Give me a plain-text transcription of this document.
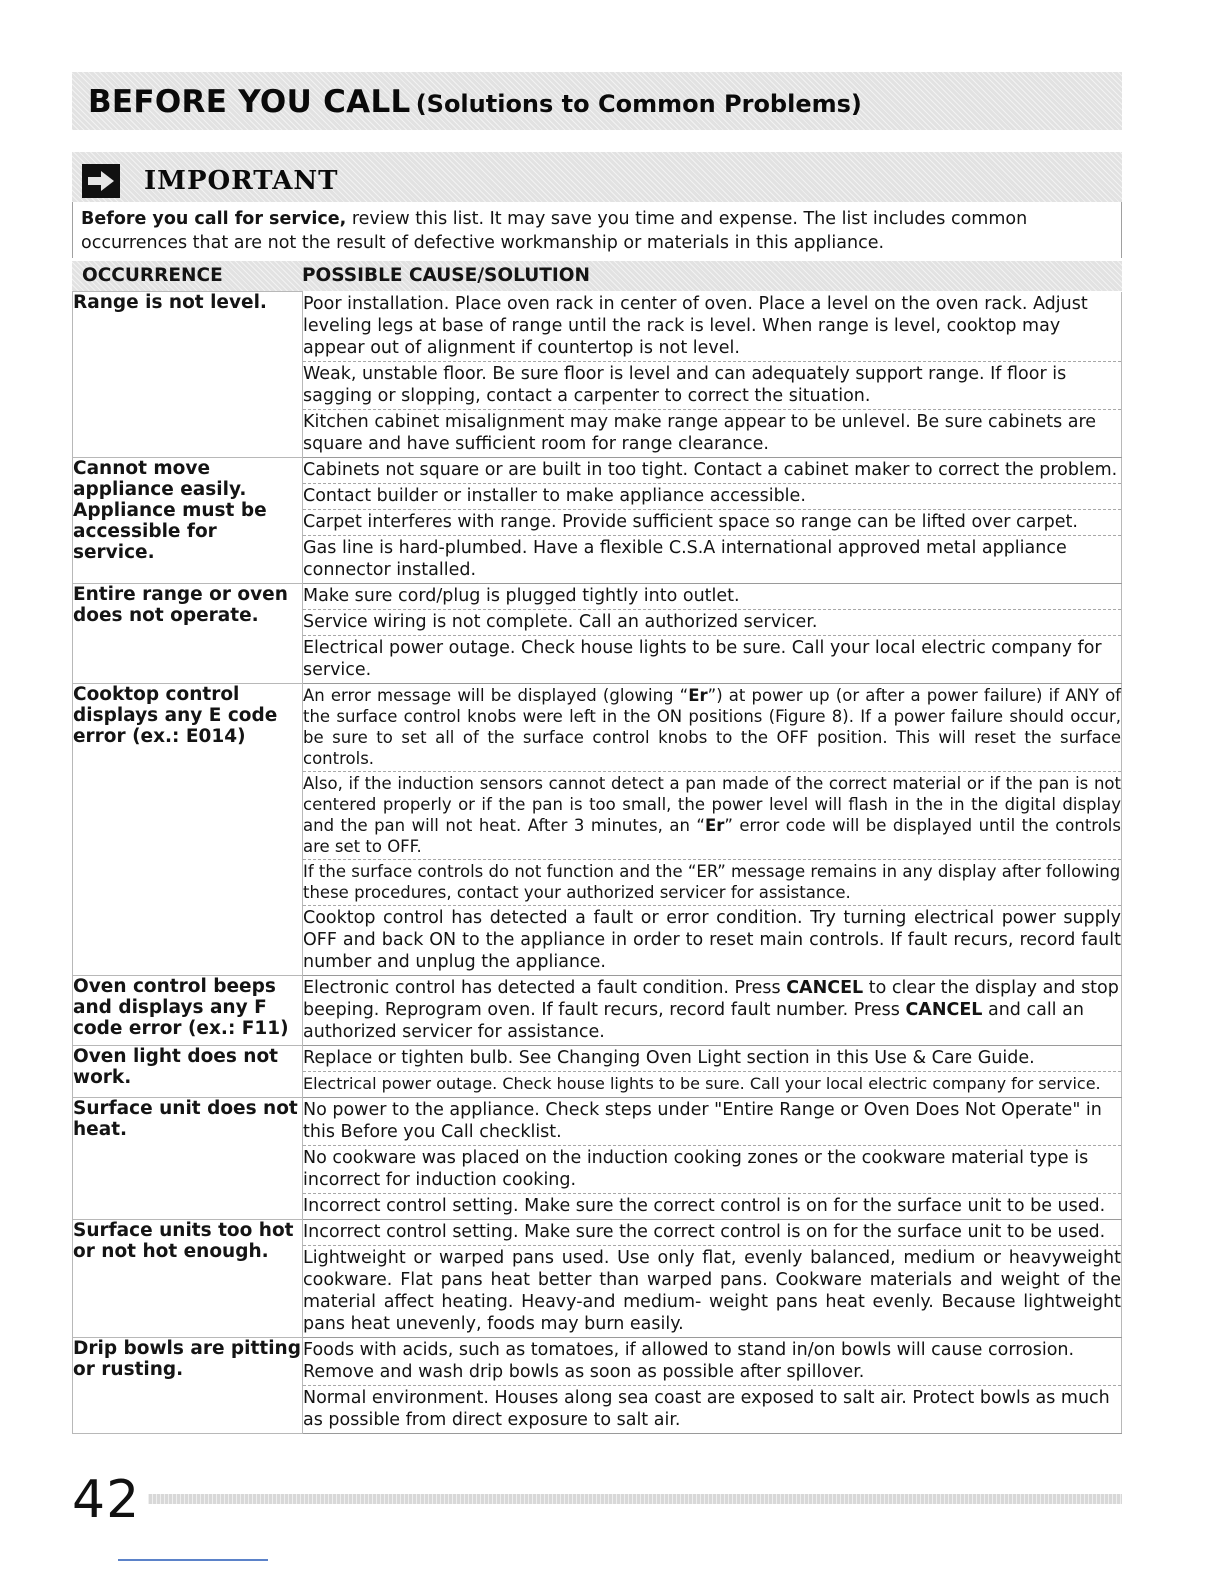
BEFORE YOU CALL (Solutions to Common Problems)
IMPORTANT
Before you call for service, review this list. It may save you time and expense. The list includes common occurrences that are not the result of defective workmanship or materials in this appliance.
OCCURRENCE	POSSIBLE CAUSE/SOLUTION
Range is not level.	Poor installation. Place oven rack in center of oven. Place a level on the oven rack. Adjust leveling legs at base of range until the rack is level. When range is level, cooktop may appear out of alignment if countertop is not level.
Weak, unstable floor. Be sure floor is level and can adequately support range. If floor is sagging or slopping, contact a carpenter to correct the situation.
Kitchen cabinet misalignment may make range appear to be unlevel. Be sure cabinets are square and have sufficient room for range clearance.

Cannot move appliance easily. Appliance must be accessible for service.	Cabinets not square or are built in too tight. Contact a cabinet maker to correct the problem.
Contact builder or installer to make appliance accessible.
Carpet interferes with range. Provide sufficient space so range can be lifted over carpet.
Gas line is hard-plumbed. Have a flexible C.S.A international approved metal appliance connector installed.

Entire range or oven does not operate.	Make sure cord/plug is plugged tightly into outlet.
Service wiring is not complete. Call an authorized servicer.
Electrical power outage. Check house lights to be sure. Call your local electric company for service.

Cooktop control displays any E code error (ex.: E014)	An error message will be displayed (glowing “Er”) at power up (or after a power failure) if ANY of the surface control knobs were left in the ON positions (Figure 8). If a power failure should occur, be sure to set all of the surface control knobs to the OFF position. This will reset the surface controls.
Also, if the induction sensors cannot detect a pan made of the correct material or if the pan is not centered properly or if the pan is too small, the power level will flash in the in the digital display and the pan will not heat. After 3 minutes, an “Er” error code will be displayed until the controls are set to OFF.
If the surface controls do not function and the “ER” message remains in any display after following these procedures, contact your authorized servicer for assistance.
Cooktop control has detected a fault or error condition. Try turning electrical power supply OFF and back ON to the appliance in order to reset main controls. If fault recurs, record fault number and unplug the appliance.

Oven control beeps and displays any F code error (ex.: F11)	Electronic control has detected a fault condition. Press CANCEL to clear the display and stop beeping. Reprogram oven. If fault recurs, record fault number. Press CANCEL and call an authorized servicer for assistance.

Oven light does not work.	Replace or tighten bulb. See Changing Oven Light section in this Use & Care Guide.
Electrical power outage. Check house lights to be sure. Call your local electric company for service.

Surface unit does not heat.	No power to the appliance. Check steps under "Entire Range or Oven Does Not Operate" in this Before you Call checklist.
No cookware was placed on the induction cooking zones or the cookware material type is incorrect for induction cooking.
Incorrect control setting. Make sure the correct control is on for the surface unit to be used.

Surface units too hot or not hot enough.	Incorrect control setting. Make sure the correct control is on for the surface unit to be used.
Lightweight or warped pans used. Use only flat, evenly balanced, medium or heavyweight cookware. Flat pans heat better than warped pans. Cookware materials and weight of the material affect heating. Heavy-and medium- weight pans heat evenly. Because lightweight pans heat unevenly, foods may burn easily.

Drip bowls are pitting or rusting.	Foods with acids, such as tomatoes, if allowed to stand in/on bowls will cause corrosion. Remove and wash drip bowls as soon as possible after spillover.
Normal environment. Houses along sea coast are exposed to salt air. Protect bowls as much as possible from direct exposure to salt air.
42
